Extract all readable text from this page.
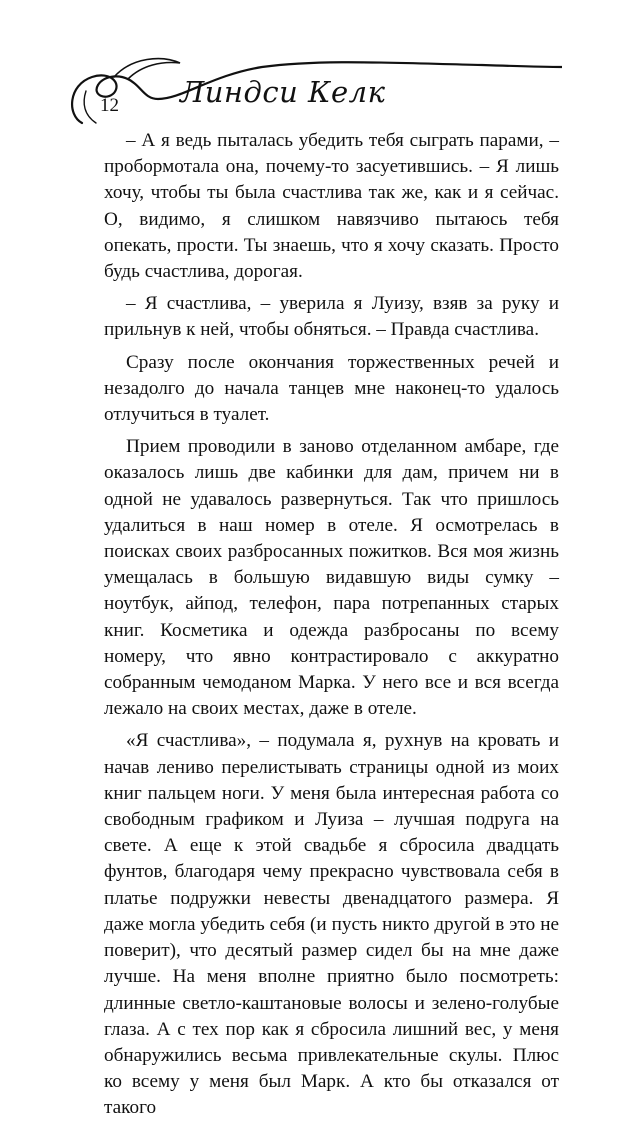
12 Линдси Келк

– А я ведь пыталась убедить тебя сыграть парами, – пробормотала она, почему-то засуетившись. – Я лишь хочу, чтобы ты была счастлива так же, как и я сейчас. О, видимо, я слишком навязчиво пытаюсь тебя опекать, прости. Ты знаешь, что я хочу сказать. Просто будь счастлива, дорогая.

– Я счастлива, – уверила я Луизу, взяв за руку и прильнув к ней, чтобы обняться. – Правда счастлива.

Сразу после окончания торжественных речей и незадолго до начала танцев мне наконец-то удалось отлучиться в туалет.

Прием проводили в заново отделанном амбаре, где оказалось лишь две кабинки для дам, причем ни в одной не удавалось развернуться. Так что пришлось удалиться в наш номер в отеле. Я осмотрелась в поисках своих разбросанных пожитков. Вся моя жизнь умещалась в большую видавшую виды сумку – ноутбук, айпод, телефон, пара потрепанных старых книг. Косметика и одежда разбросаны по всему номеру, что явно контрастировало с аккуратно собранным чемоданом Марка. У него все и вся всегда лежало на своих местах, даже в отеле.

«Я счастлива», – подумала я, рухнув на кровать и начав лениво перелистывать страницы одной из моих книг пальцем ноги. У меня была интересная работа со свободным графиком и Луиза – лучшая подруга на свете. А еще к этой свадьбе я сбросила двадцать фунтов, благодаря чему прекрасно чувствовала себя в платье подружки невесты двенадцатого размера. Я даже могла убедить себя (и пусть никто другой в это не поверит), что десятый размер сидел бы на мне даже лучше. На меня вполне приятно было посмотреть: длинные светло-каштановые волосы и зелено-голубые глаза. А с тех пор как я сбросила лишний вес, у меня обнаружились весьма привлекательные скулы. Плюс ко всему у меня был Марк. А кто бы отказался от такого
